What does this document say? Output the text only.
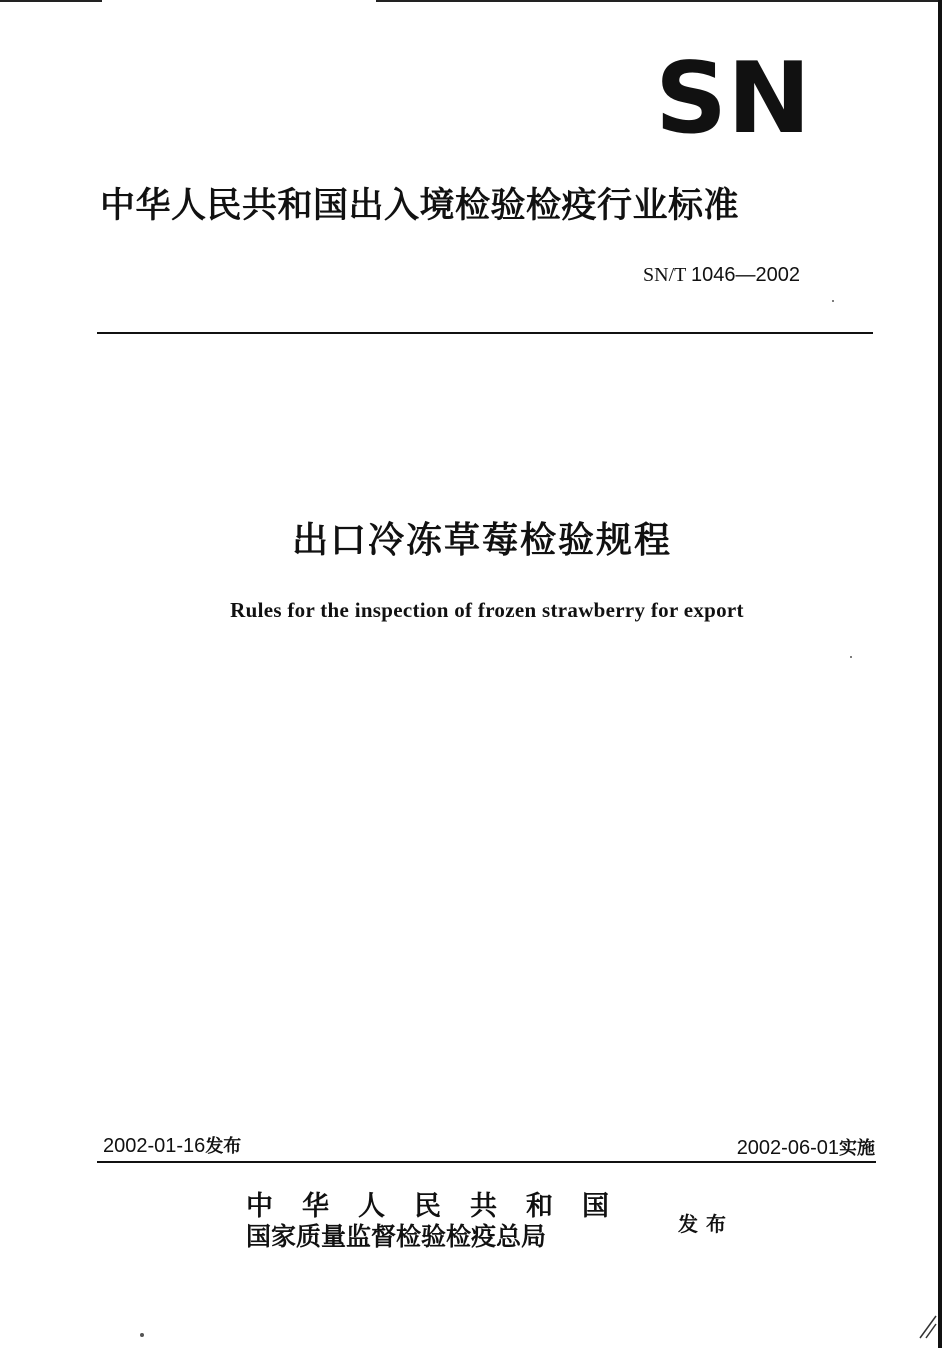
SN
中华人民共和国出入境检验检疫行业标准
SN/T 1046—2002
出口冷冻草莓检验规程
Rules for the inspection of frozen strawberry for export
2002-01-16发布	2002-06-01实施
中华人民共和国
国家质量监督检验检疫总局	发布
